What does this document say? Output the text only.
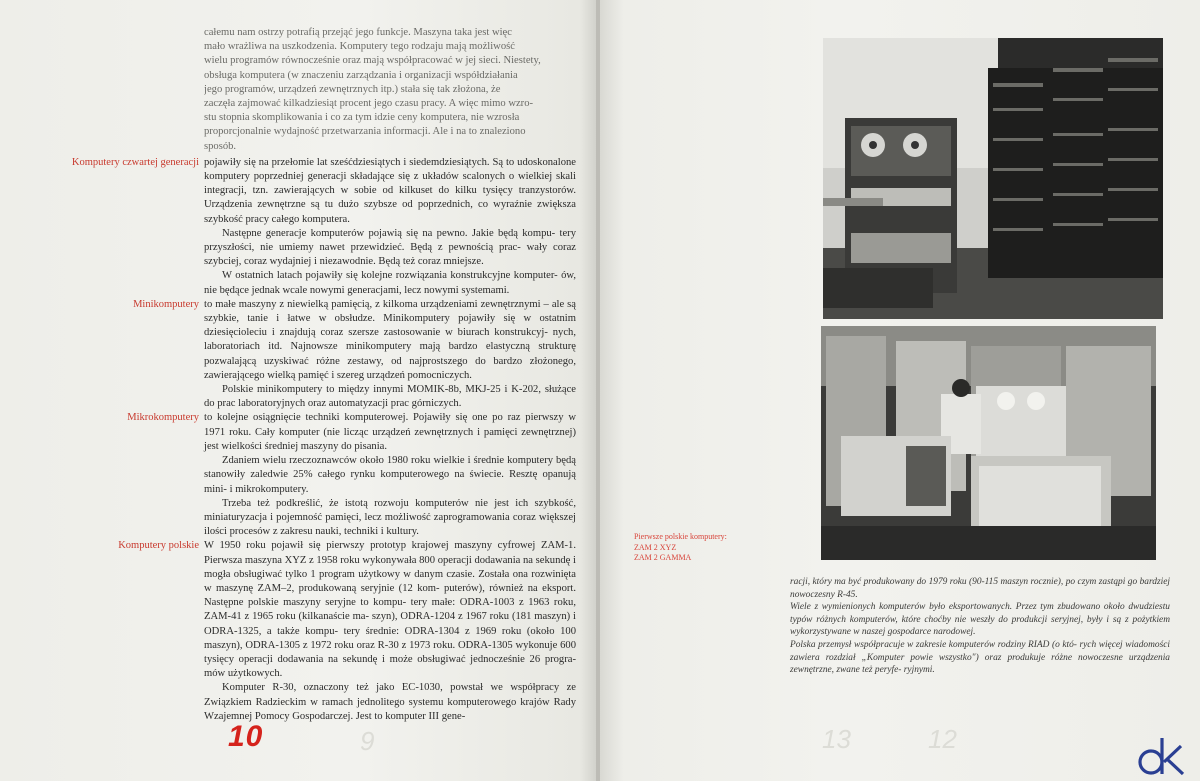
całemu nam ostrzy potrafią przejąć jego funkcje. Maszyna taka jest więc
mało wrażliwa na uszkodzenia. Komputery tego rodzaju mają możliwość
wielu programów równocześnie oraz mają współpracować w jej sieci. Niestety,
obsługa komputera (w znaczeniu zarządzania i organizacji współdziałania
jego programów, urządzeń zewnętrznych itp.) stała się tak złożona, że
zaczęła zajmować kilkadziesiąt procent jego czasu pracy. A więc mimo wzro-
stu stopnia skomplikowania i co za tym idzie ceny komputera, nie wzrosła
proporcjonalnie wydajność przetwarzania informacji. Ale i na to znaleziono
sposób.

pojawiły się na przełomie lat sześćdziesiątych i siedemdziesiątych. Są to udoskonalone komputery poprzedniej generacji składające się z układów scalonych o wielkiej skali integracji, tzn. zawierających w sobie od kilkuset do kilku tysięcy tranzystorów. Urządzenia zewnętrzne są tu dużo szybsze od poprzednich, co wyraźnie zwiększa szybkość pracy całego komputera.

Następne generacje komputerów pojawią się na pewno. Jakie będą kompu- tery przyszłości, nie umiemy nawet przewidzieć. Będą z pewnością prac- wały coraz szybciej, coraz wydajniej i niezawodnie. Będą też coraz mniejsze.

W ostatnich latach pojawiły się kolejne rozwiązania konstrukcyjne komputer- ów, nie będące jednak wcale nowymi generacjami, lecz nowymi systemami.

to małe maszyny z niewielką pamięcią, z kilkoma urządzeniami zewnętrznymi – ale są szybkie, tanie i łatwe w obsłudze. Minikomputery pojawiły się w ostatnim dziesięcioleciu i znajdują coraz szersze zastosowanie w biurach konstrukcyj- nych, laboratoriach itd. Najnowsze minikomputery mają bardzo elastyczną strukturę pozwalającą uzyskiwać różne zestawy, od najprostszego do bardzo złożonego, zawierającego wielką pamięć i szereg urządzeń pomocniczych.

Polskie minikomputery to między innymi MOMIK-8b, MKJ-25 i K-202, służące do prac laboratoryjnych oraz automatyzacji prac górniczych.

to kolejne osiągnięcie techniki komputerowej. Pojawiły się one po raz pierwszy w 1971 roku. Cały komputer (nie licząc urządzeń zewnętrznych i pamięci zewnętrznej) jest wielkości średniej maszyny do pisania.

Zdaniem wielu rzeczoznawców około 1980 roku wielkie i średnie komputery będą stanowiły zaledwie 25% całego rynku komputerowego na świecie. Resztę opanują mini- i mikrokomputery.

Trzeba też podkreślić, że istotą rozwoju komputerów nie jest ich szybkość, miniaturyzacja i pojemność pamięci, lecz możliwość zaprogramowania coraz większej ilości procesów z zakresu nauki, techniki i kultury.

W 1950 roku pojawił się pierwszy prototyp krajowej maszyny cyfrowej ZAM-1. Pierwsza maszyna XYZ z 1958 roku wykonywała 800 operacji dodawania na sekundę i mogła obsługiwać tylko 1 program użytkowy w danym czasie. Została ona rozwinięta w maszynę ZAM–2, produkowaną seryjnie (12 kom- puterów), również na eksport. Następne polskie maszyny seryjne to kompu- tery małe: ODRA-1003 z 1963 roku, ZAM-41 z 1965 roku (kilkanaście ma- szyn), ODRA-1204 z 1967 roku (181 maszyn) i ODRA-1325, a także kompu- tery średnie: ODRA-1304 z 1969 roku (około 100 maszyn), ODRA-1305 z 1972 roku oraz R-30 z 1973 roku. ODRA-1305 wykonuje 600 tysięcy operacji dodawania na sekundę i może obsługiwać jednocześnie 26 progra- mów użytkowych.

Komputer R-30, oznaczony też jako EC-1030, powstał we współpracy ze Związkiem Radzieckim w ramach jednolitego systemu komputerowego krajów Rady Wzajemnej Pomocy Gospodarczej. Jest to komputer III gene-

Komputery czwartej generacji
Minikomputery
Mikrokomputery
Komputery polskie
10	9	13	12
Pierwsze polskie komputery:
ZAM 2 XYZ
ZAM 2 GAMMA

racji, który ma być produkowany do 1979 roku (90-115 maszyn rocznie), po czym zastąpi go bardziej nowoczesny R-45.

Wiele z wymienionych komputerów było eksportowanych. Przez tym zbudowano około dwudziestu typów różnych komputerów, które choćby nie weszły do produkcji seryjnej, były i są z pożytkiem wykorzystywane w naszej gospodarce narodowej.

Polska przemysł współpracuje w zakresie komputerów rodziny RIAD (o któ- rych więcej wiadomości zawiera rozdział „Komputer powie wszystko") oraz produkuje różne nowoczesne urządzenia zewnętrzne, zwane też peryfe- ryjnymi.
